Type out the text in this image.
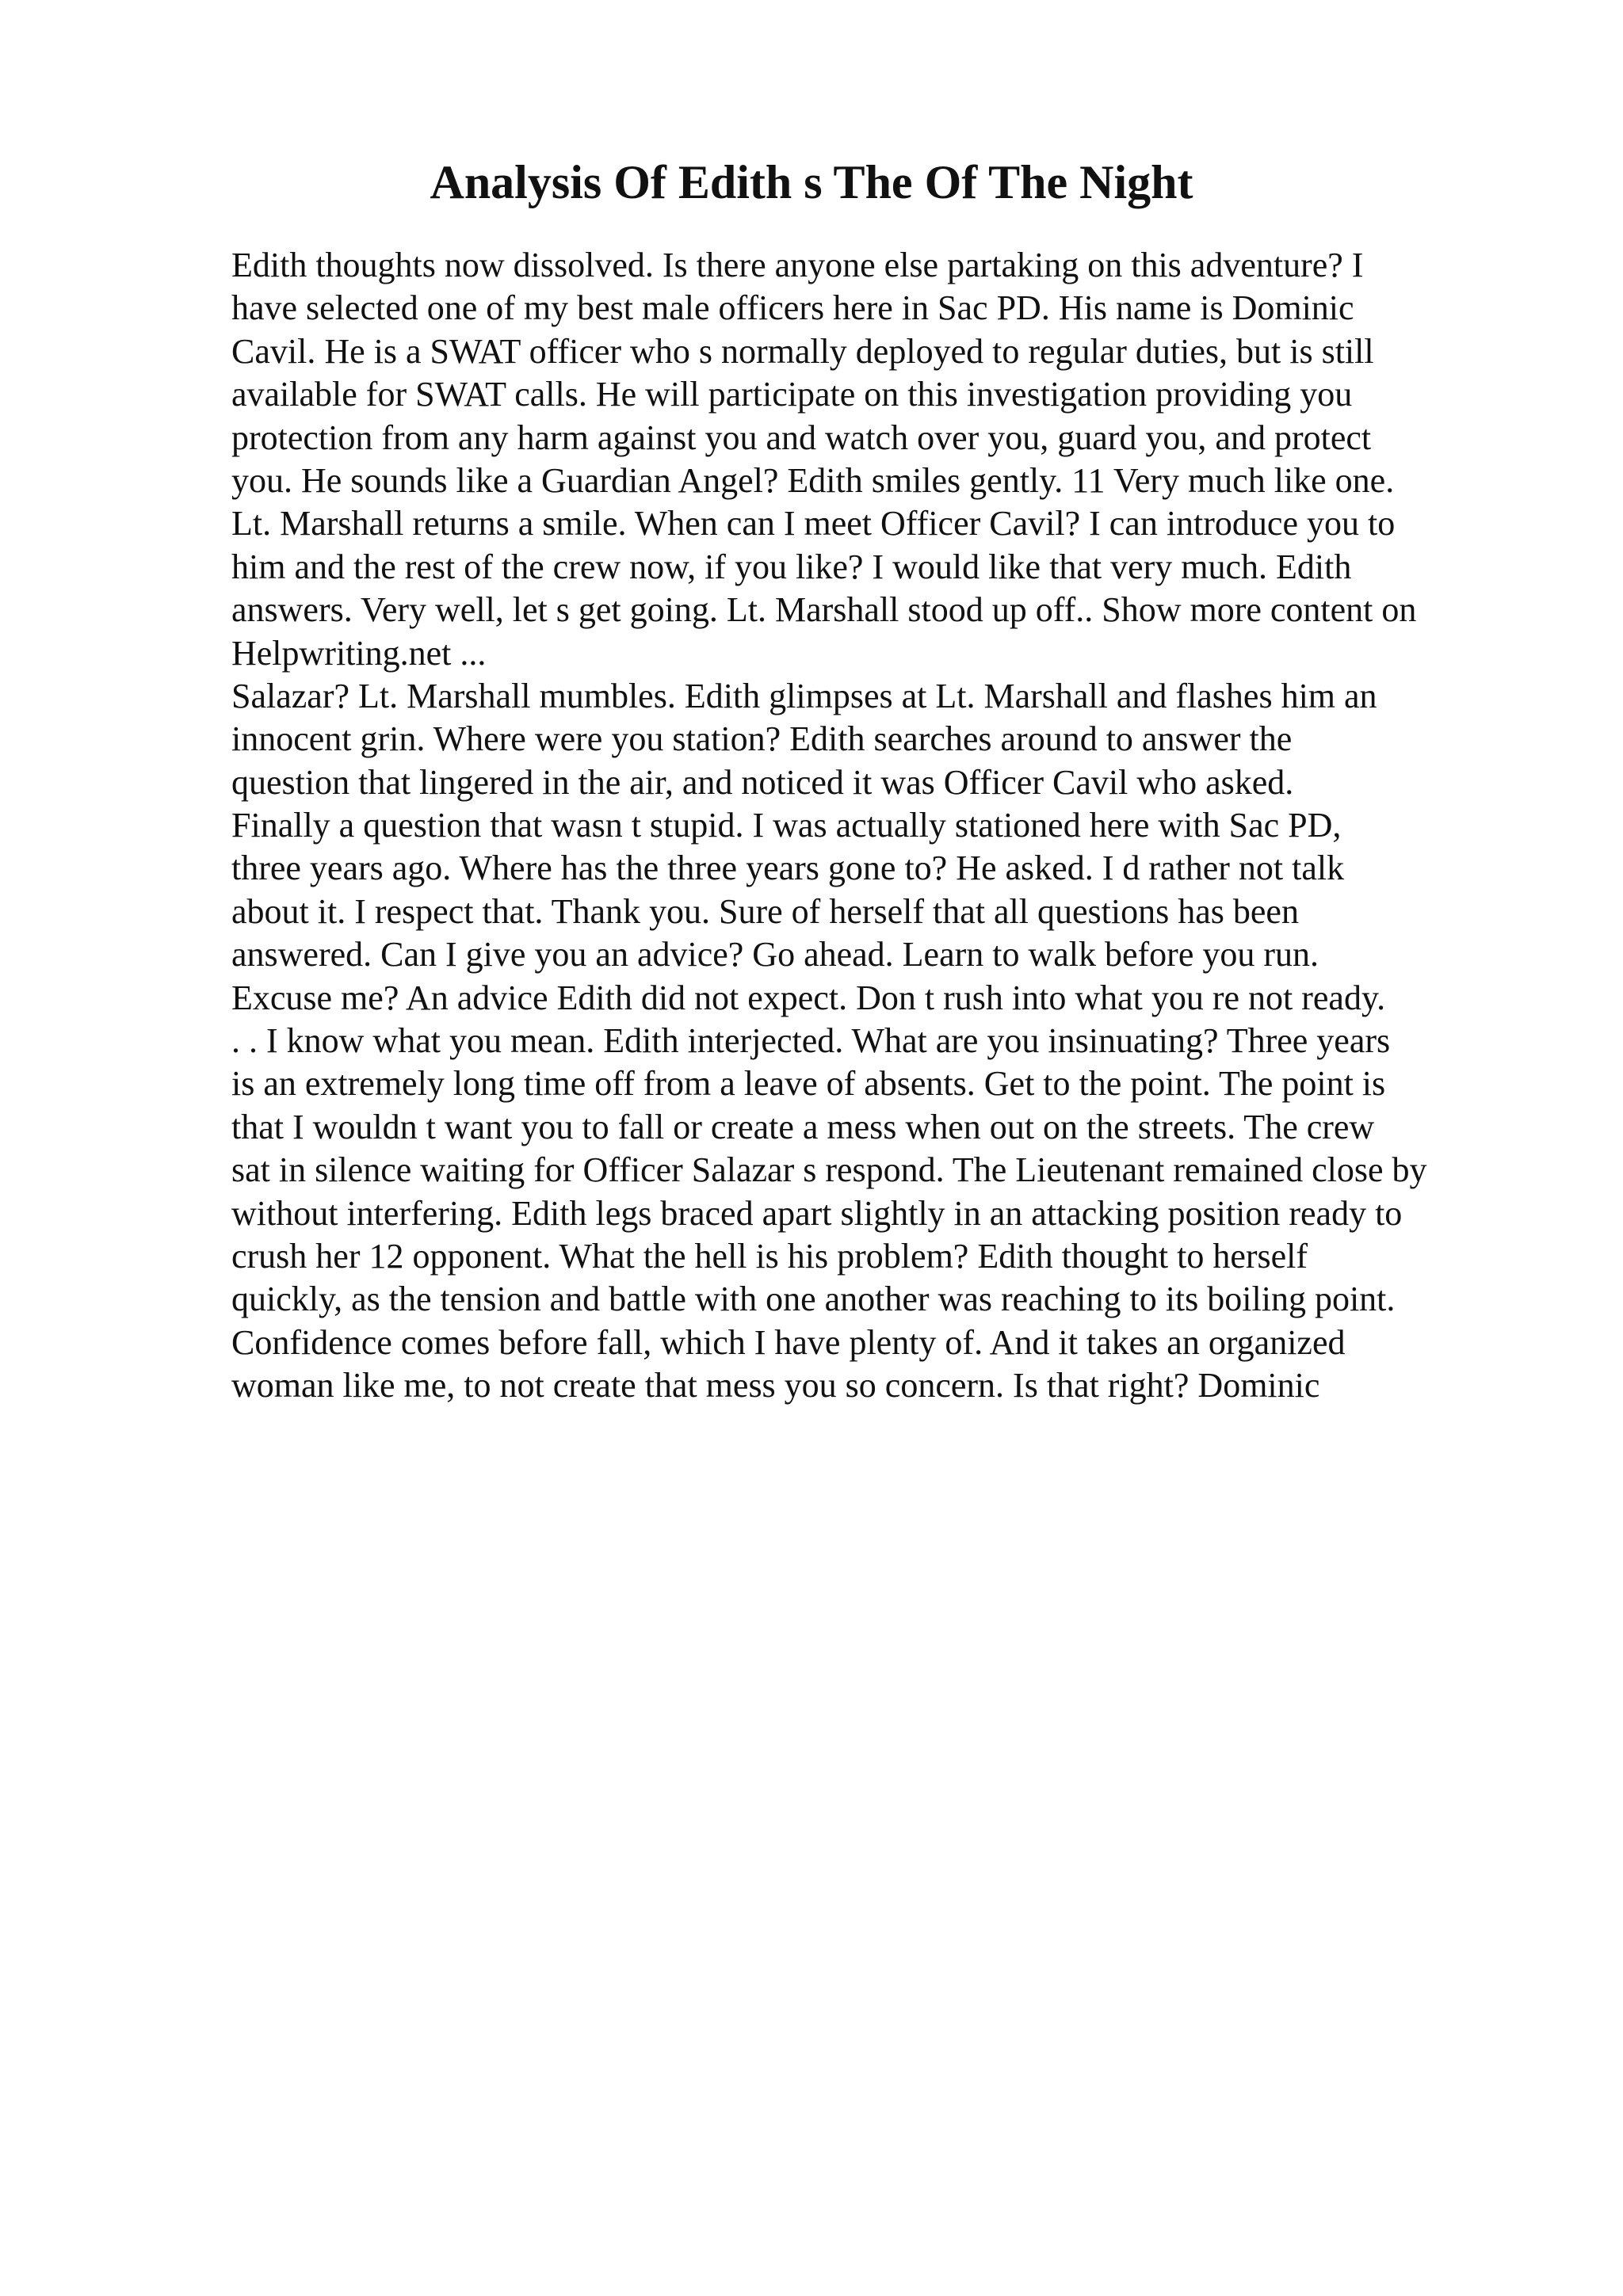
Analysis Of Edith s The Of The Night
Edith thoughts now dissolved. Is there anyone else partaking on this adventure? I
have selected one of my best male officers here in Sac PD. His name is Dominic
Cavil. He is a SWAT officer who s normally deployed to regular duties, but is still
available for SWAT calls. He will participate on this investigation providing you
protection from any harm against you and watch over you, guard you, and protect
you. He sounds like a Guardian Angel? Edith smiles gently. 11 Very much like one.
Lt. Marshall returns a smile. When can I meet Officer Cavil? I can introduce you to
him and the rest of the crew now, if you like? I would like that very much. Edith
answers. Very well, let s get going. Lt. Marshall stood up off.. Show more content on
Helpwriting.net ...
Salazar? Lt. Marshall mumbles. Edith glimpses at Lt. Marshall and flashes him an
innocent grin. Where were you station? Edith searches around to answer the
question that lingered in the air, and noticed it was Officer Cavil who asked.
Finally a question that wasn t stupid. I was actually stationed here with Sac PD,
three years ago. Where has the three years gone to? He asked. I d rather not talk
about it. I respect that. Thank you. Sure of herself that all questions has been
answered. Can I give you an advice? Go ahead. Learn to walk before you run.
Excuse me? An advice Edith did not expect. Don t rush into what you re not ready.
. . I know what you mean. Edith interjected. What are you insinuating? Three years
is an extremely long time off from a leave of absents. Get to the point. The point is
that I wouldn t want you to fall or create a mess when out on the streets. The crew
sat in silence waiting for Officer Salazar s respond. The Lieutenant remained close by
without interfering. Edith legs braced apart slightly in an attacking position ready to
crush her 12 opponent. What the hell is his problem? Edith thought to herself
quickly, as the tension and battle with one another was reaching to its boiling point.
Confidence comes before fall, which I have plenty of. And it takes an organized
woman like me, to not create that mess you so concern. Is that right? Dominic
